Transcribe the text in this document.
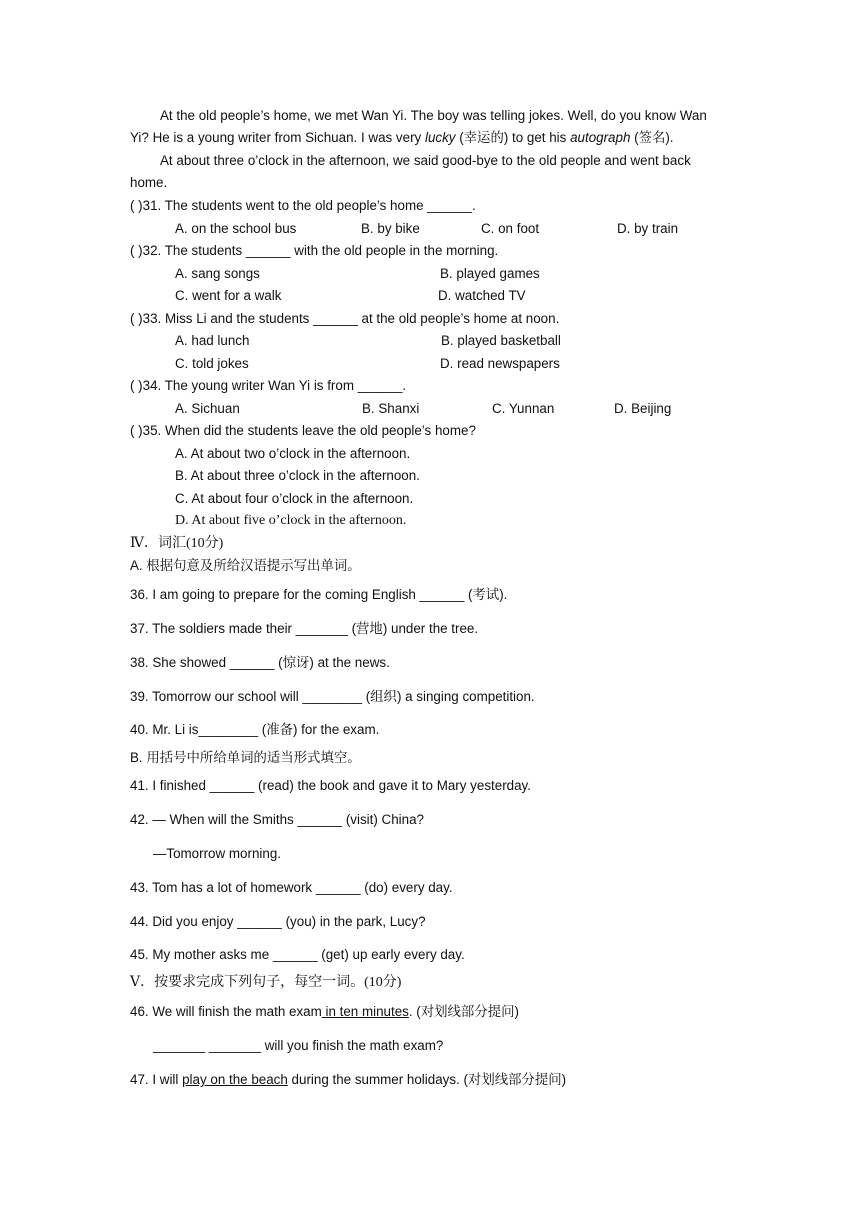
At the old people’s home, we met Wan Yi. The boy was telling jokes. Well, do you know Wan
Yi? He is a young writer from Sichuan. I was very lucky (幸运的) to get his autograph (签名).
At about three o’clock in the afternoon, we said good-bye to the old people and went back
home.
( )31. The students went to the old people’s home ______.
A. on the school bus	B. by bike	C. on foot	D. by train
( )32. The students ______ with the old people in the morning.
A. sang songs	B. played games
C. went for a walk	D. watched TV
( )33. Miss Li and the students ______ at the old people’s home at noon.
A. had lunch	B. played basketball
C. told jokes	D. read newspapers
( )34. The young writer Wan Yi is from ______.
A. Sichuan	B. Shanxi	C. Yunnan	D. Beijing
( )35. When did the students leave the old people’s home?
A. At about two o’clock in the afternoon.
B. At about three o’clock in the afternoon.
C. At about four o’clock in the afternoon.
D. At about five o’clock in the afternoon.
Ⅳ．词汇(10分)
A. 根据句意及所给汉语提示写出单词。
36. I am going to prepare for the coming English ______ (考试).
37. The soldiers made their _______ (营地) under the tree.
38. She showed ______ (惊讶) at the news.
39. Tomorrow our school will ________ (组织) a singing competition.
40. Mr. Li is________ (准备) for the exam.
B. 用括号中所给单词的适当形式填空。
41. I finished ______ (read) the book and gave it to Mary yesterday.
42. — When will the Smiths ______ (visit) China?
—Tomorrow morning.
43. Tom has a lot of homework ______ (do) every day.
44. Did you enjoy ______ (you) in the park, Lucy?
45. My mother asks me ______ (get) up early every day.
Ⅴ．按要求完成下列句子，每空一词。(10分)
46. We will finish the math exam in ten minutes. (对划线部分提问)
_______ _______ will you finish the math exam?
47. I will play on the beach during the summer holidays. (对划线部分提问)
